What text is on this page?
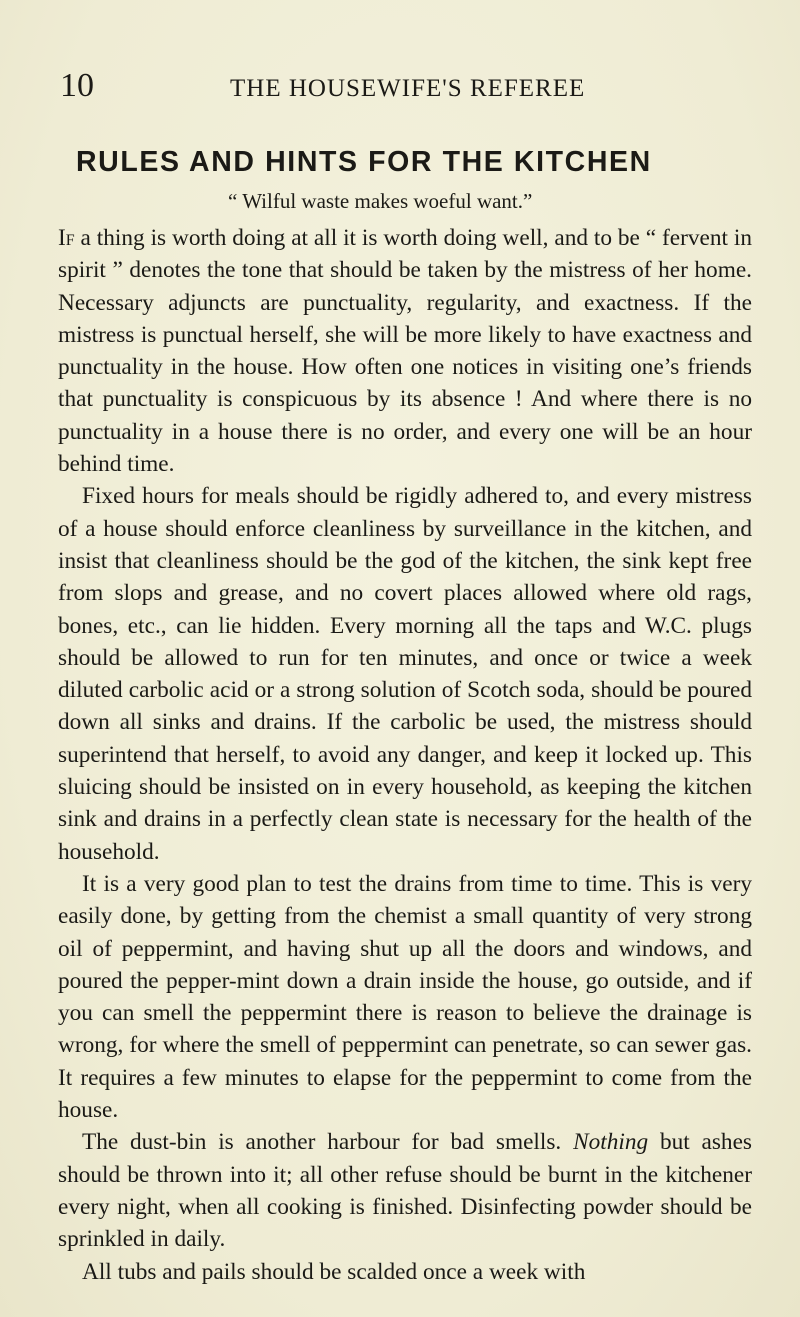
10	THE HOUSEWIFE'S REFEREE
RULES AND HINTS FOR THE KITCHEN
“ Wilful waste makes woeful want.”

If a thing is worth doing at all it is worth doing well, and to be “ fervent in spirit ” denotes the tone that should be taken by the mistress of her home. Necessary adjuncts are punctuality, regularity, and exactness. If the mistress is punctual herself, she will be more likely to have exactness and punctuality in the house. How often one notices in visiting one’s friends that punctuality is conspicuous by its absence ! And where there is no punctuality in a house there is no order, and every one will be an hour behind time.

Fixed hours for meals should be rigidly adhered to, and every mistress of a house should enforce cleanliness by surveillance in the kitchen, and insist that cleanliness should be the god of the kitchen, the sink kept free from slops and grease, and no covert places allowed where old rags, bones, etc., can lie hidden. Every morning all the taps and W.C. plugs should be allowed to run for ten minutes, and once or twice a week diluted carbolic acid or a strong solution of Scotch soda, should be poured down all sinks and drains. If the carbolic be used, the mistress should superintend that herself, to avoid any danger, and keep it locked up. This sluicing should be insisted on in every household, as keeping the kitchen sink and drains in a perfectly clean state is necessary for the health of the household.

It is a very good plan to test the drains from time to time. This is very easily done, by getting from the chemist a small quantity of very strong oil of peppermint, and having shut up all the doors and windows, and poured the pepper-mint down a drain inside the house, go outside, and if you can smell the peppermint there is reason to believe the drainage is wrong, for where the smell of peppermint can penetrate, so can sewer gas. It requires a few minutes to elapse for the peppermint to come from the house.

The dust-bin is another harbour for bad smells. Nothing but ashes should be thrown into it; all other refuse should be burnt in the kitchener every night, when all cooking is finished. Disinfecting powder should be sprinkled in daily.

All tubs and pails should be scalded once a week with
